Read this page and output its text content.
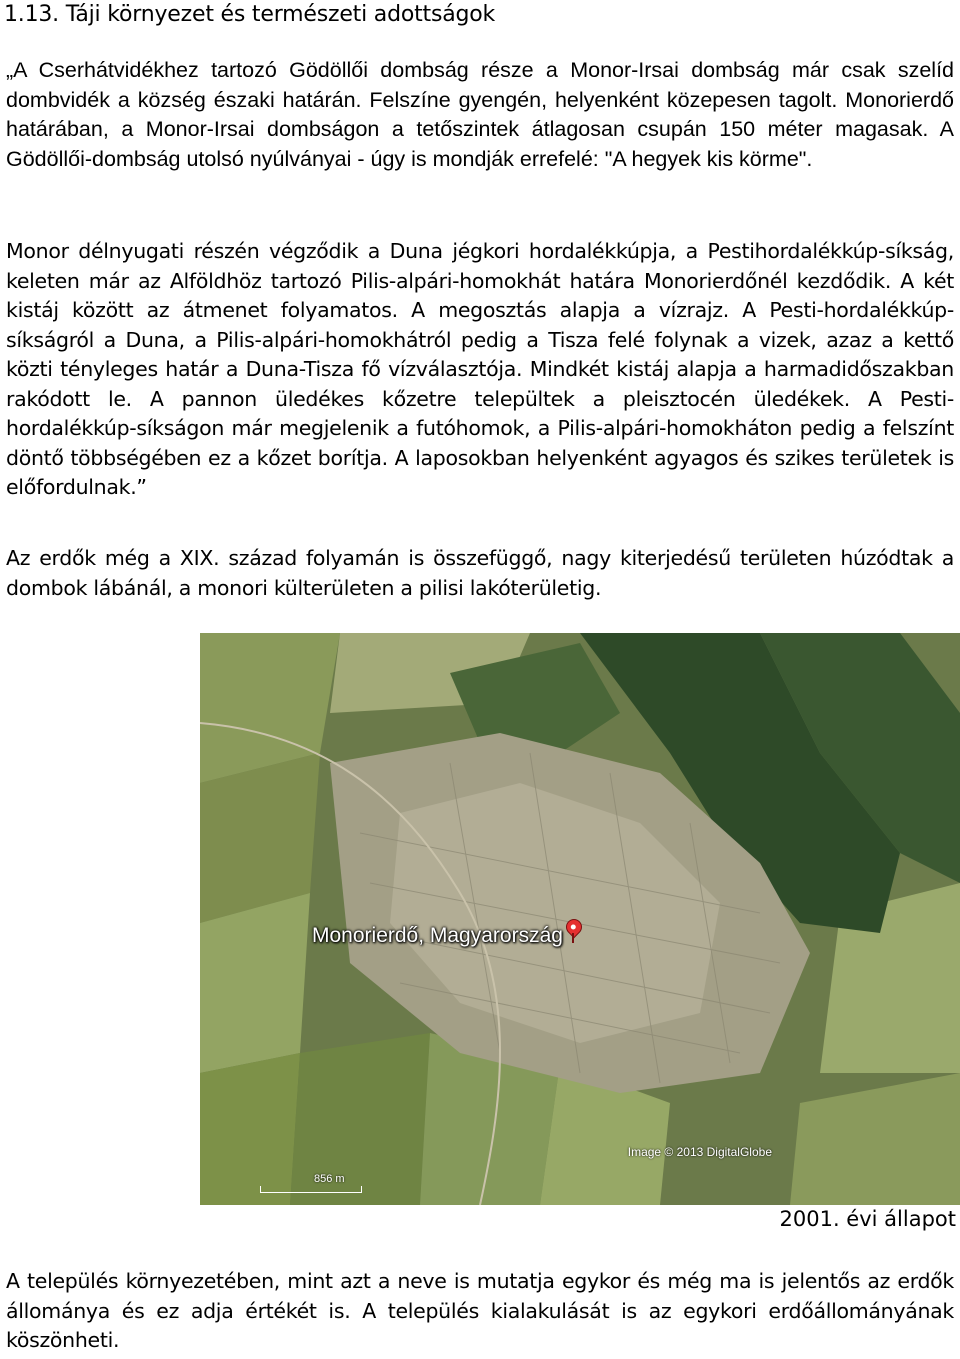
1.13. Táji környezet és természeti adottságok

„A Cserhátvidékhez tartozó Gödöllői dombság része a Monor-Irsai dombság már csak szelíd dombvidék a község északi határán. Felszíne gyengén, helyenként közepesen tagolt. Monorierdő határában, a Monor-Irsai dombságon a tetőszintek átlagosan csupán 150 méter magasak. A Gödöllői-dombság utolsó nyúlványai - úgy is mondják errefelé: "A hegyek kis körme".

Monor délnyugati részén végződik a Duna jégkori hordalékkúpja, a Pestihordalékkúp-síkság, keleten már az Alföldhöz tartozó Pilis-alpári-homokhát határa Monorierdőnél kezdődik. A két kistáj között az átmenet folyamatos. A megosztás alapja a vízrajz. A Pesti-hordalékkúp-síkságról a Duna, a Pilis-alpári-homokhátról pedig a Tisza felé folynak a vizek, azaz a kettő közti tényleges határ a Duna-Tisza fő vízválasztója. Mindkét kistáj alapja a harmadidőszakban rakódott le. A pannon üledékes kőzetre települtek a pleisztocén üledékek. A Pesti-hordalékkúp-síkságon már megjelenik a futóhomok, a Pilis-alpári-homokháton pedig a felszínt döntő többségében ez a kőzet borítja. A laposokban helyenként agyagos és szikes területek is előfordulnak.”

Az erdők még a XIX. század folyamán is összefüggő, nagy kiterjedésű területen húzódtak a dombok lábánál, a monori külterületen a pilisi lakóterületig.

Monorierdő, Magyarország
Image © 2013 DigitalGlobe
856 m
2001. évi állapot

A település környezetében, mint azt a neve is mutatja egykor és még ma is jelentős az erdők állománya és ez adja értékét is. A település kialakulását is az egykori erdőállományának köszönheti.
